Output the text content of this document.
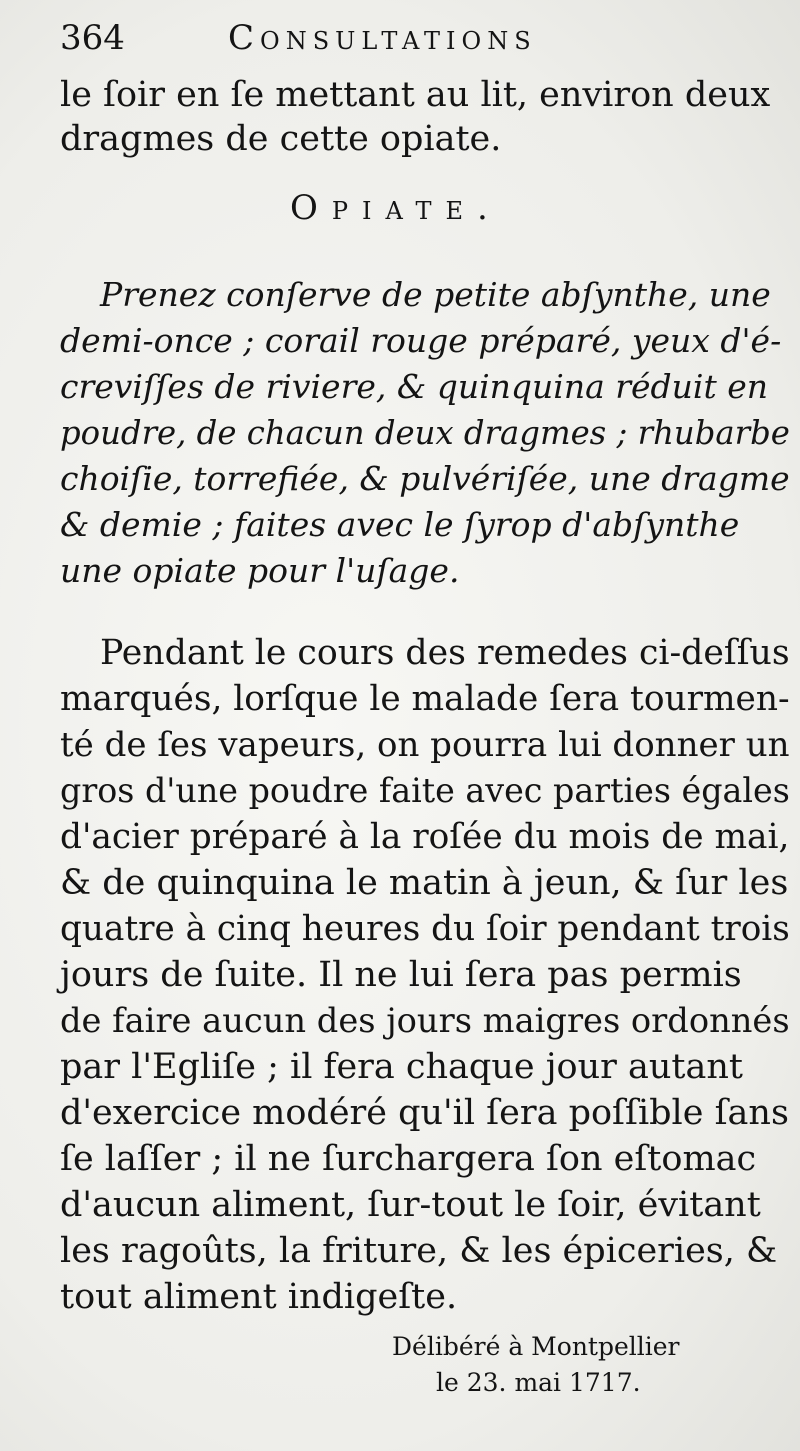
364	Consultations
le ſoir en ſe mettant au lit, environ deux
dragmes de cette opiate.
Opiate.
Prenez conſerve de petite abſynthe, une
demi-once ; corail rouge préparé, yeux d'é-
creviſſes de riviere, & quinquina réduit en
poudre, de chacun deux dragmes ; rhubarbe
choiſie, torrefiée, & pulvériſée, une dragme
& demie ; faites avec le ſyrop d'abſynthe
une opiate pour l'uſage.
Pendant le cours des remedes ci-deſſus
marqués, lorſque le malade ſera tourmen-
té de ſes vapeurs, on pourra lui donner un
gros d'une poudre faite avec parties égales
d'acier préparé à la roſée du mois de mai,
& de quinquina le matin à jeun, & ſur les
quatre à cinq heures du ſoir pendant trois
jours de ſuite. Il ne lui ſera pas permis
de faire aucun des jours maigres ordonnés
par l'Egliſe ; il fera chaque jour autant
d'exercice modéré qu'il ſera poſſible ſans
ſe laſſer ; il ne ſurchargera ſon eſtomac
d'aucun aliment, ſur-tout le ſoir, évitant
les ragoûts, la friture, & les épiceries, &
tout aliment indigeſte.
Délibéré à Montpellier
le 23. mai 1717.
